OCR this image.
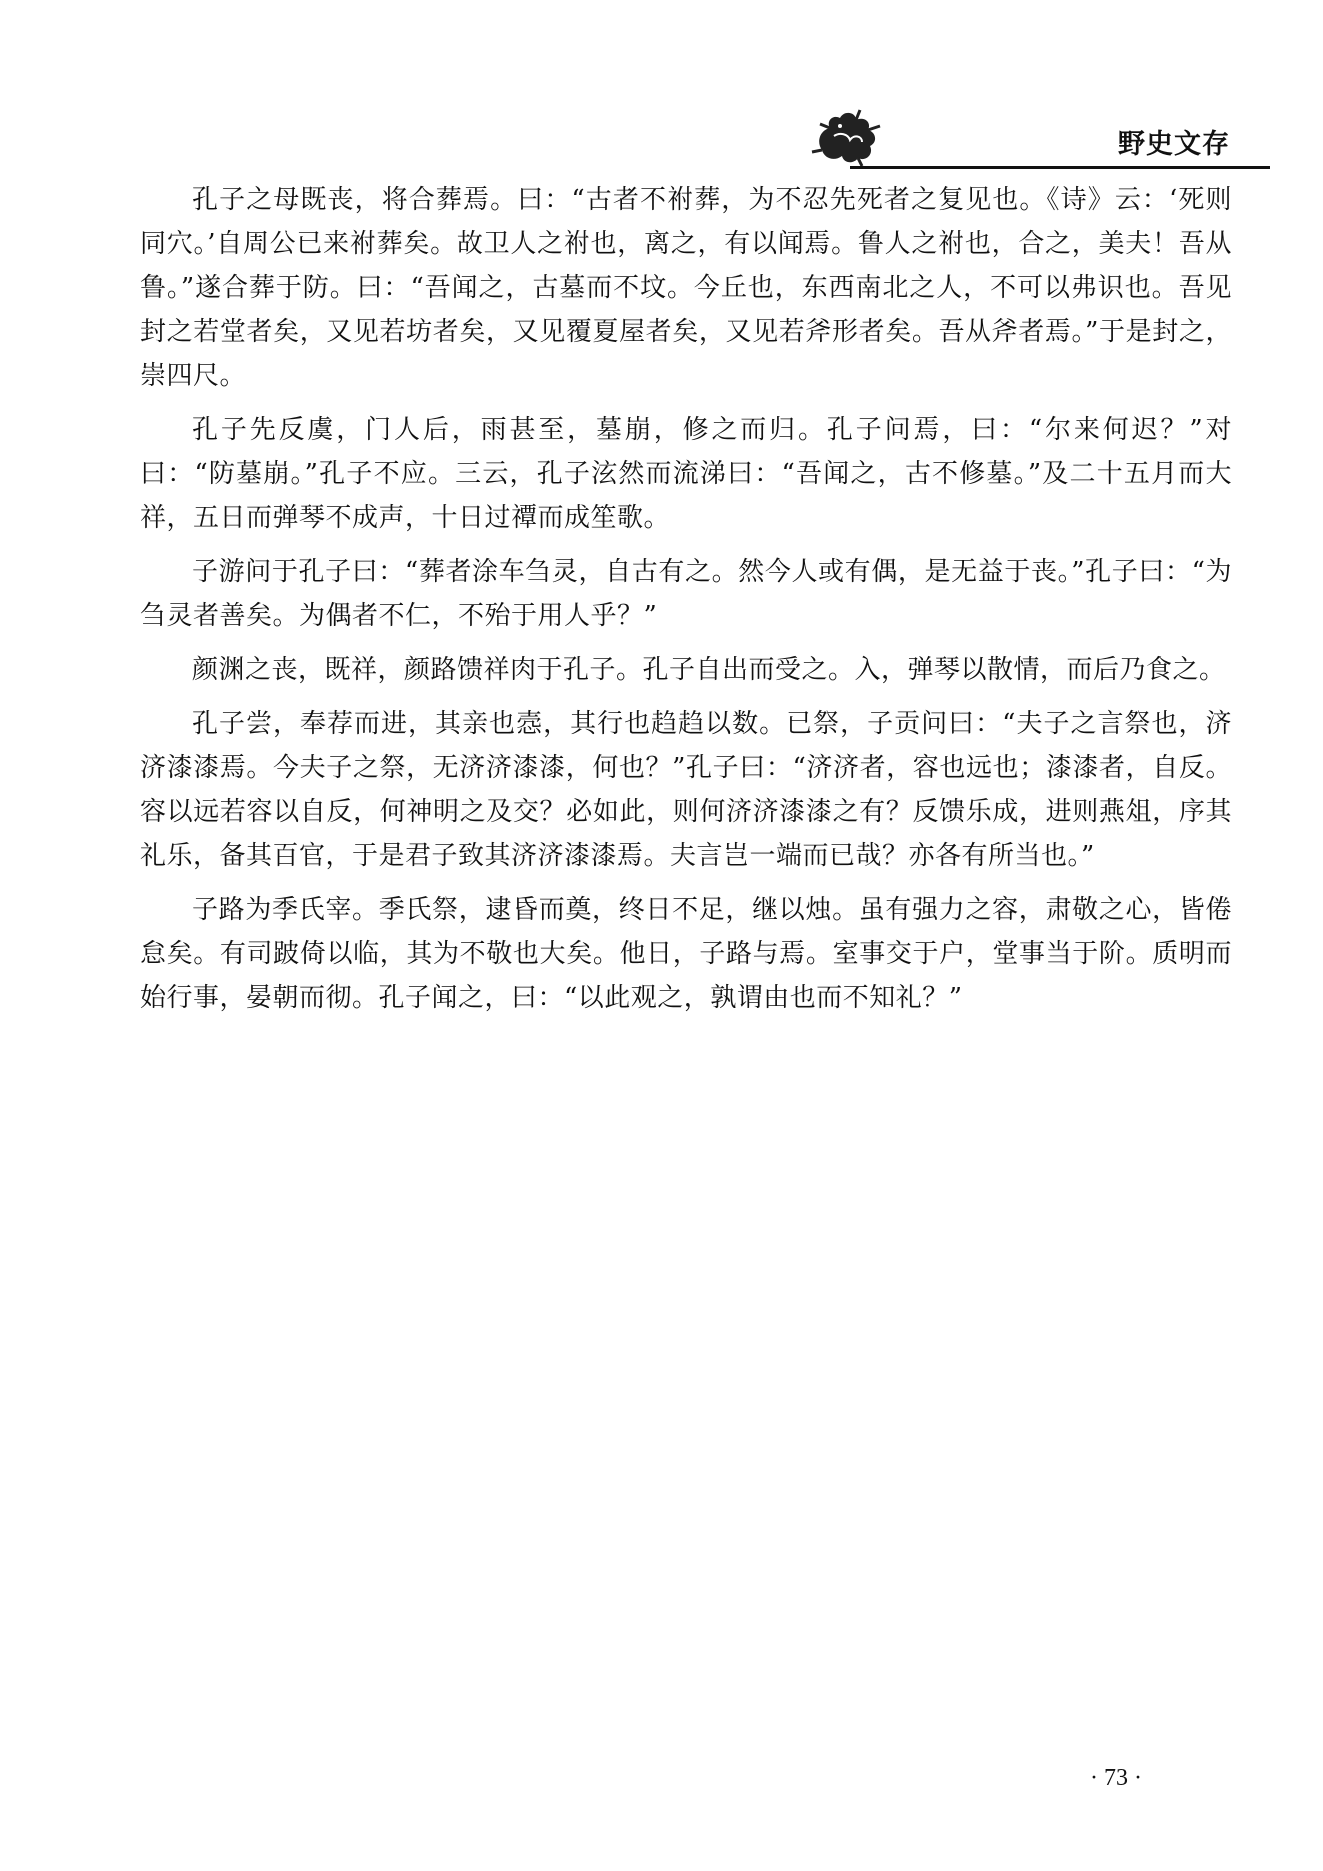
野史文存

孔子之母既丧，将合葬焉。曰：“古者不祔葬，为不忍先死者之复见也。《诗》云：‘死则同穴。’自周公已来祔葬矣。故卫人之祔也，离之，有以闻焉。鲁人之祔也，合之，美夫！吾从鲁。”遂合葬于防。曰：“吾闻之，古墓而不坟。今丘也，东西南北之人，不可以弗识也。吾见封之若堂者矣，又见若坊者矣，又见覆夏屋者矣，又见若斧形者矣。吾从斧者焉。”于是封之，崇四尺。

孔子先反虞，门人后，雨甚至，墓崩，修之而归。孔子问焉，曰：“尔来何迟？”对曰：“防墓崩。”孔子不应。三云，孔子泫然而流涕曰：“吾闻之，古不修墓。”及二十五月而大祥，五日而弹琴不成声，十日过禫而成笙歌。

子游问于孔子曰：“葬者涂车刍灵，自古有之。然今人或有偶，是无益于丧。”孔子曰：“为刍灵者善矣。为偶者不仁，不殆于用人乎？”

颜渊之丧，既祥，颜路馈祥肉于孔子。孔子自出而受之。入，弹琴以散情，而后乃食之。

孔子尝，奉荐而进，其亲也悫，其行也趋趋以数。已祭，子贡问曰：“夫子之言祭也，济济漆漆焉。今夫子之祭，无济济漆漆，何也？”孔子曰：“济济者，容也远也；漆漆者，自反。容以远若容以自反，何神明之及交？必如此，则何济济漆漆之有？反馈乐成，进则燕俎，序其礼乐，备其百官，于是君子致其济济漆漆焉。夫言岂一端而已哉？亦各有所当也。”

子路为季氏宰。季氏祭，逮昏而奠，终日不足，继以烛。虽有强力之容，肃敬之心，皆倦怠矣。有司跛倚以临，其为不敬也大矣。他日，子路与焉。室事交于户，堂事当于阶。质明而始行事，晏朝而彻。孔子闻之，曰：“以此观之，孰谓由也而不知礼？”

· 73 ·
